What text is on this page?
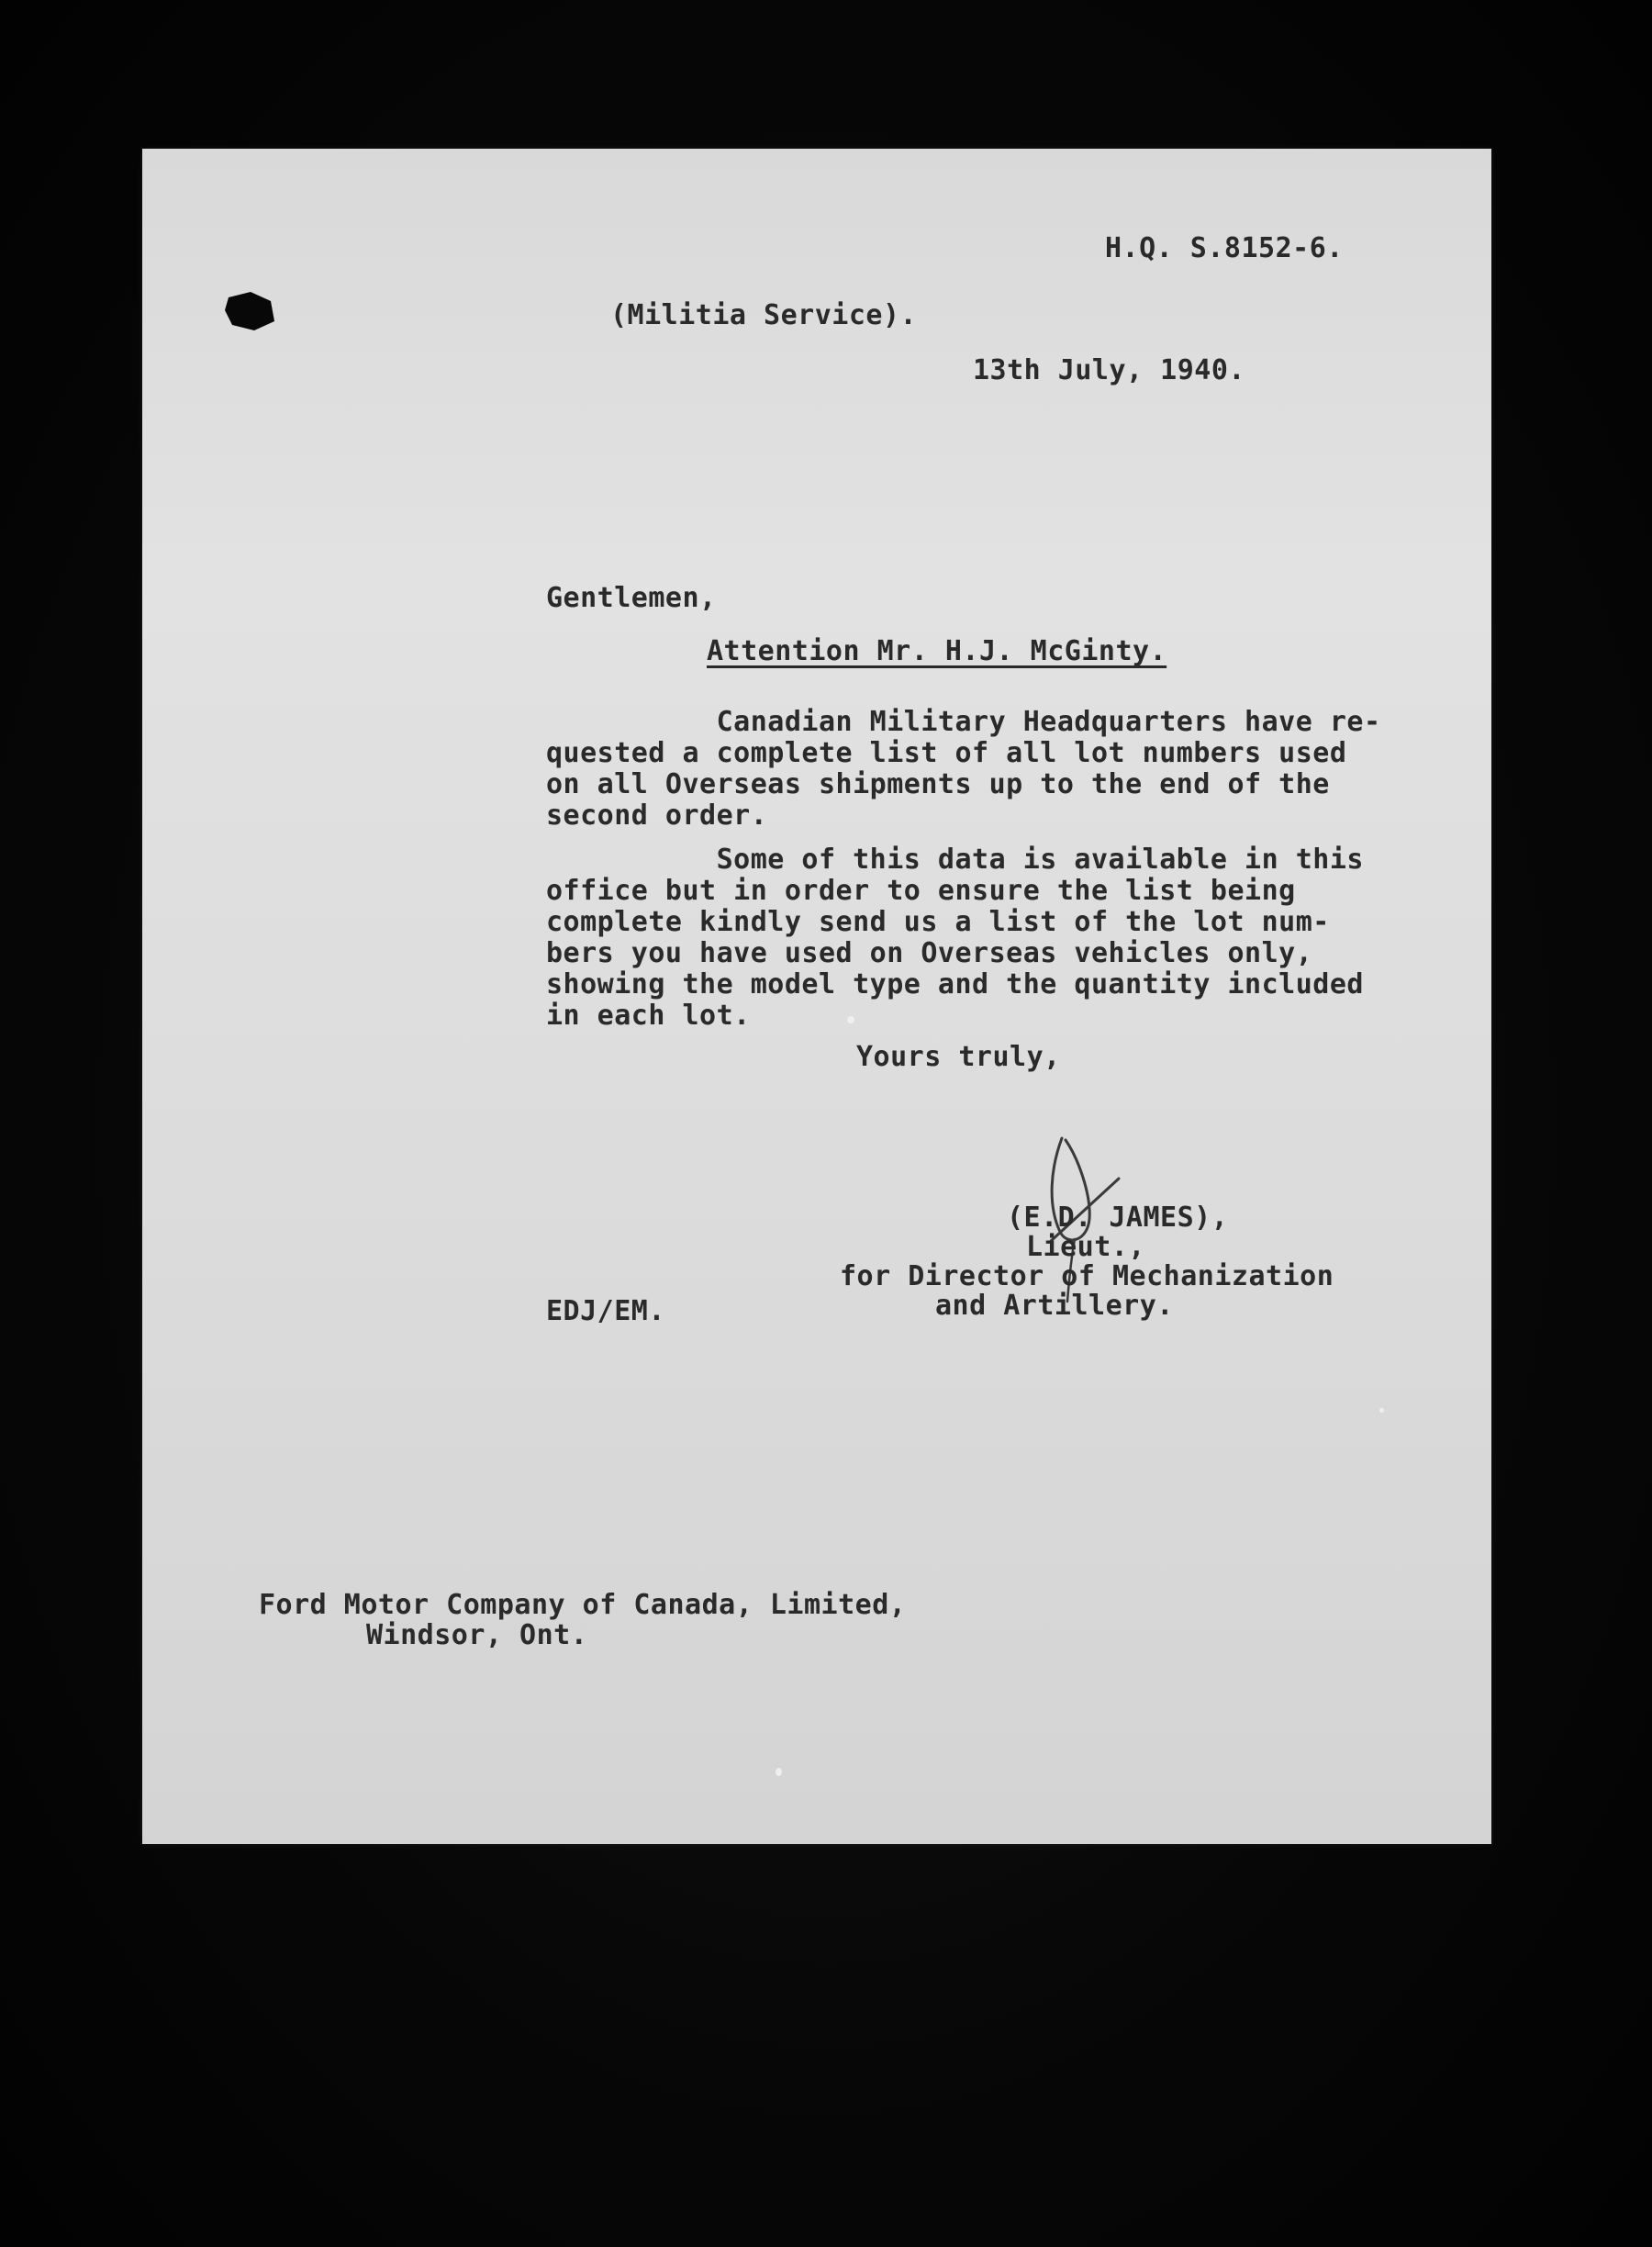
H.Q. S.8152-6.
(Militia Service).
13th July, 1940.
Gentlemen,
Attention Mr. H.J. McGinty.
Canadian Military Headquarters have re-
quested a complete list of all lot numbers used
on all Overseas shipments up to the end of the
second order.
Some of this data is available in this
office but in order to ensure the list being
complete kindly send us a list of the lot num-
bers you have used on Overseas vehicles only,
showing the model type and the quantity included
in each lot.
Yours truly,
(E.D. JAMES),
Lieut.,
for Director of Mechanization
and Artillery.
EDJ/EM.
Ford Motor Company of Canada, Limited,
Windsor, Ont.
